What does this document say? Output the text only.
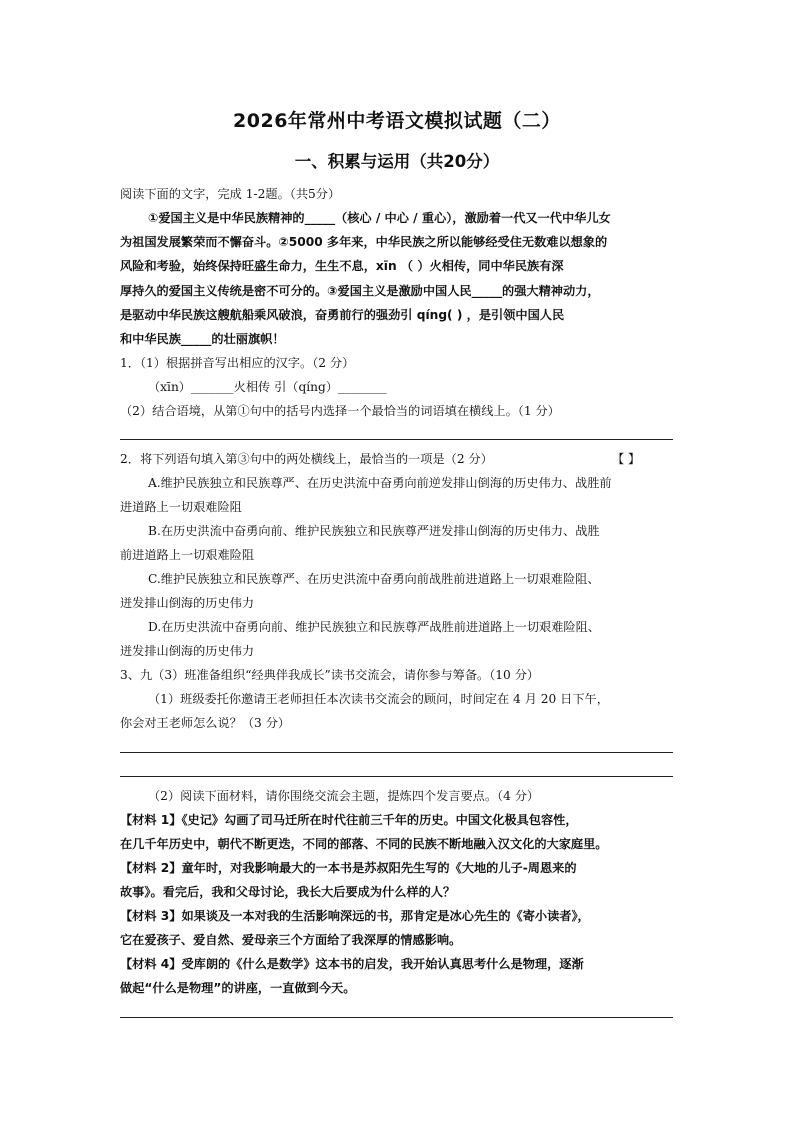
2026年常州中考语文模拟试题（二）
一、积累与运用（共20分）
阅读下面的文字，完成 1-2题。（共5分）
①爱国主义是中华民族精神的_____（核心 / 中心 / 重心），激励着一代又一代中华儿女
为祖国发展繁荣而不懈奋斗。②5000 多年来，中华民族之所以能够经受住无数难以想象的
风险和考验，始终保持旺盛生命力，生生不息，xīn （ ）火相传，同中华民族有深
厚持久的爱国主义传统是密不可分的。③爱国主义是激励中国人民_____的强大精神动力，
是驱动中华民族这艘航船乘风破浪，奋勇前行的强劲引 qíng( ) ，是引领中国人民
和中华民族_____的壮丽旗帜！
1．（1）根据拼音写出相应的汉字。（2 分）
（xīn）_______火相传 引（qíng）________
（2）结合语境，从第①句中的括号内选择一个最恰当的词语填在横线上。（1 分）
2．将下列语句填入第③句中的两处横线上，最恰当的一项是（2 分）	【 】
A.维护民族独立和民族尊严、在历史洪流中奋勇向前逆发排山倒海的历史伟力、战胜前
进道路上一切艰难险阻
B.在历史洪流中奋勇向前、维护民族独立和民族尊严迸发排山倒海的历史伟力、战胜
前进道路上一切艰难险阻
C.维护民族独立和民族尊严、在历史洪流中奋勇向前战胜前进道路上一切艰难险阻、
迸发排山倒海的历史伟力
D.在历史洪流中奋勇向前、维护民族独立和民族尊严战胜前进道路上一切艰难险阻、
迸发排山倒海的历史伟力
3、九（3）班准备组织“经典伴我成长”读书交流会，请你参与筹备。（10 分）
（1）班级委托你邀请王老师担任本次读书交流会的顾问，时间定在 4 月 20 日下午，
你会对王老师怎么说？（3 分）
（2）阅读下面材料，请你围绕交流会主题，提炼四个发言要点。（4 分）
【材料 1】《史记》勾画了司马迁所在时代往前三千年的历史。中国文化极具包容性，
在几千年历史中，朝代不断更迭，不同的部落、不同的民族不断地融入汉文化的大家庭里。
【材料 2】童年时，对我影响最大的一本书是苏叔阳先生写的《大地的儿子-周恩来的
故事》。看完后，我和父母讨论，我长大后要成为什么样的人？
【材料 3】如果谈及一本对我的生活影响深远的书，那肯定是冰心先生的《寄小读者》，
它在爱孩子、爱自然、爱母亲三个方面给了我深厚的情感影响。
【材料 4】受库朗的《什么是数学》这本书的启发，我开始认真思考什么是物理，逐渐
做起“什么是物理”的讲座，一直做到今天。
